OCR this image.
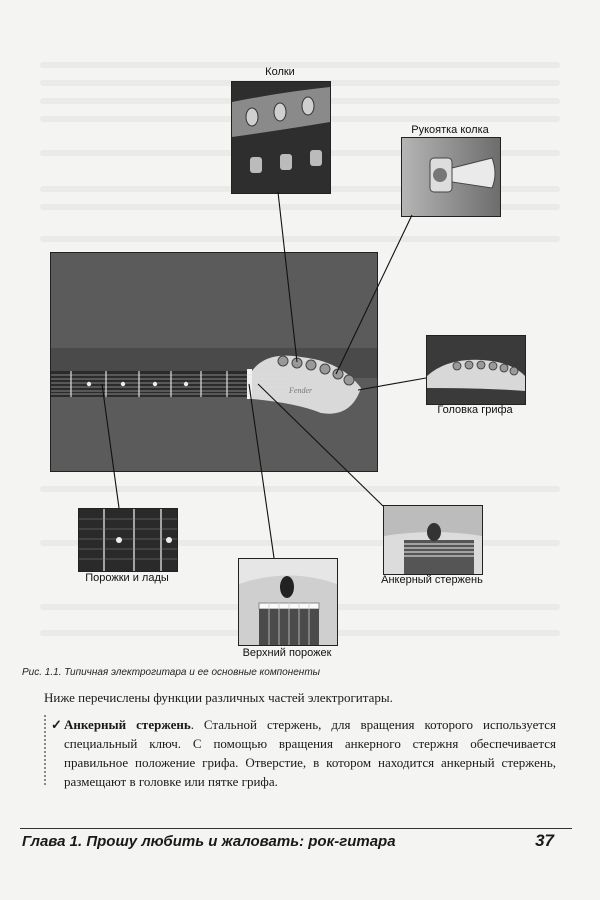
Fender
Колки
Рукоятка колка
Головка грифа
Анкерный стержень
Порожки и лады
Верхний порожек
Рис. 1.1. Типичная электрогитара и ее основные компоненты
Ниже перечислены функции различных частей электрогитары.
✓ Анкерный стержень. Стальной стержень, для вращения которого используется специальный ключ. С помощью вращения анкерного стержня обеспечивается правильное положение грифа. Отверстие, в котором находится анкерный стержень, размещают в головке или пятке грифа.
Глава 1. Прошу любить и жаловать: рок-гитара	37
